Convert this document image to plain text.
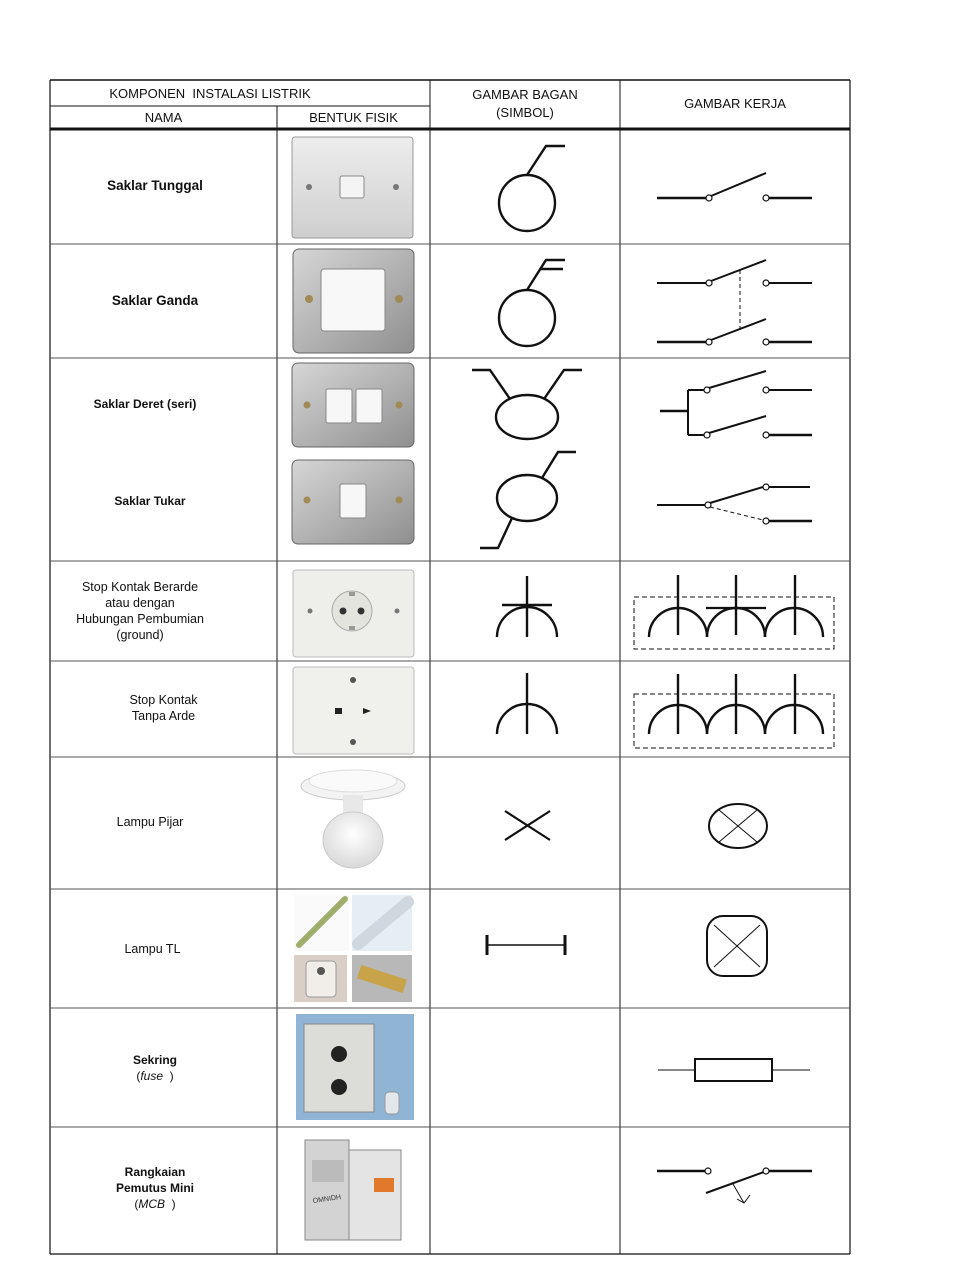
KOMPONEN  INSTALASI LISTRIK
NAMA	BENTUK FISIK
GAMBAR BAGAN
(SIMBOL)
GAMBAR KERJA
Saklar Tunggal
Saklar Ganda
Saklar Deret (seri)
Saklar Tukar
Stop Kontak Berarde
atau dengan
Hubungan Pembumian
(ground)
Stop Kontak
Tanpa Arde
Lampu Pijar
Lampu TL
Sekring
(fuse )
Rangkaian
Pemutus Mini
(MCB )	OMNIDH
